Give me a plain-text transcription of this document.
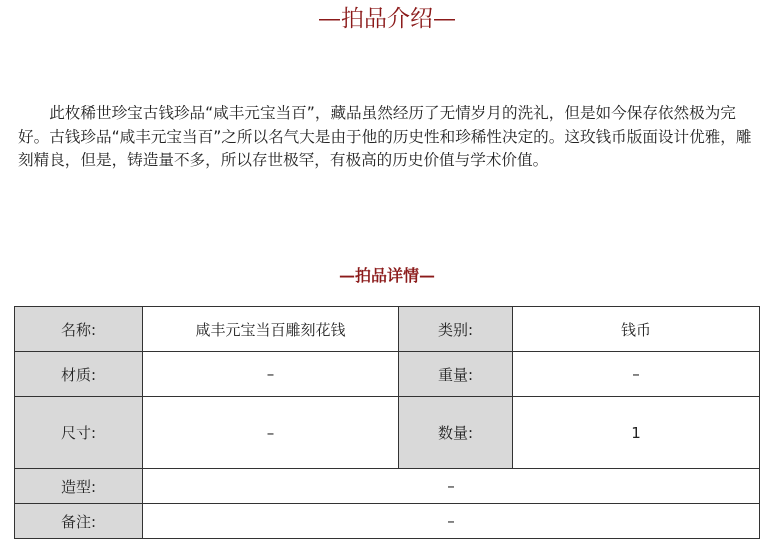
—拍品介绍—

此枚稀世珍宝古钱珍品“咸丰元宝当百”，藏品虽然经历了无情岁月的洗礼，但是如今保存依然极为完好。古钱珍品“咸丰元宝当百”之所以名气大是由于他的历史性和珍稀性决定的。这玫钱币版面设计优雅，雕刻精良，但是，铸造量不多，所以存世极罕，有极高的历史价值与学术价值。

—拍品详情—
名称:	咸丰元宝当百雕刻花钱	类别:	钱币
材质:	–	重量:	–
尺寸:	–	数量:	1
造型:	–		
备注:	–		
